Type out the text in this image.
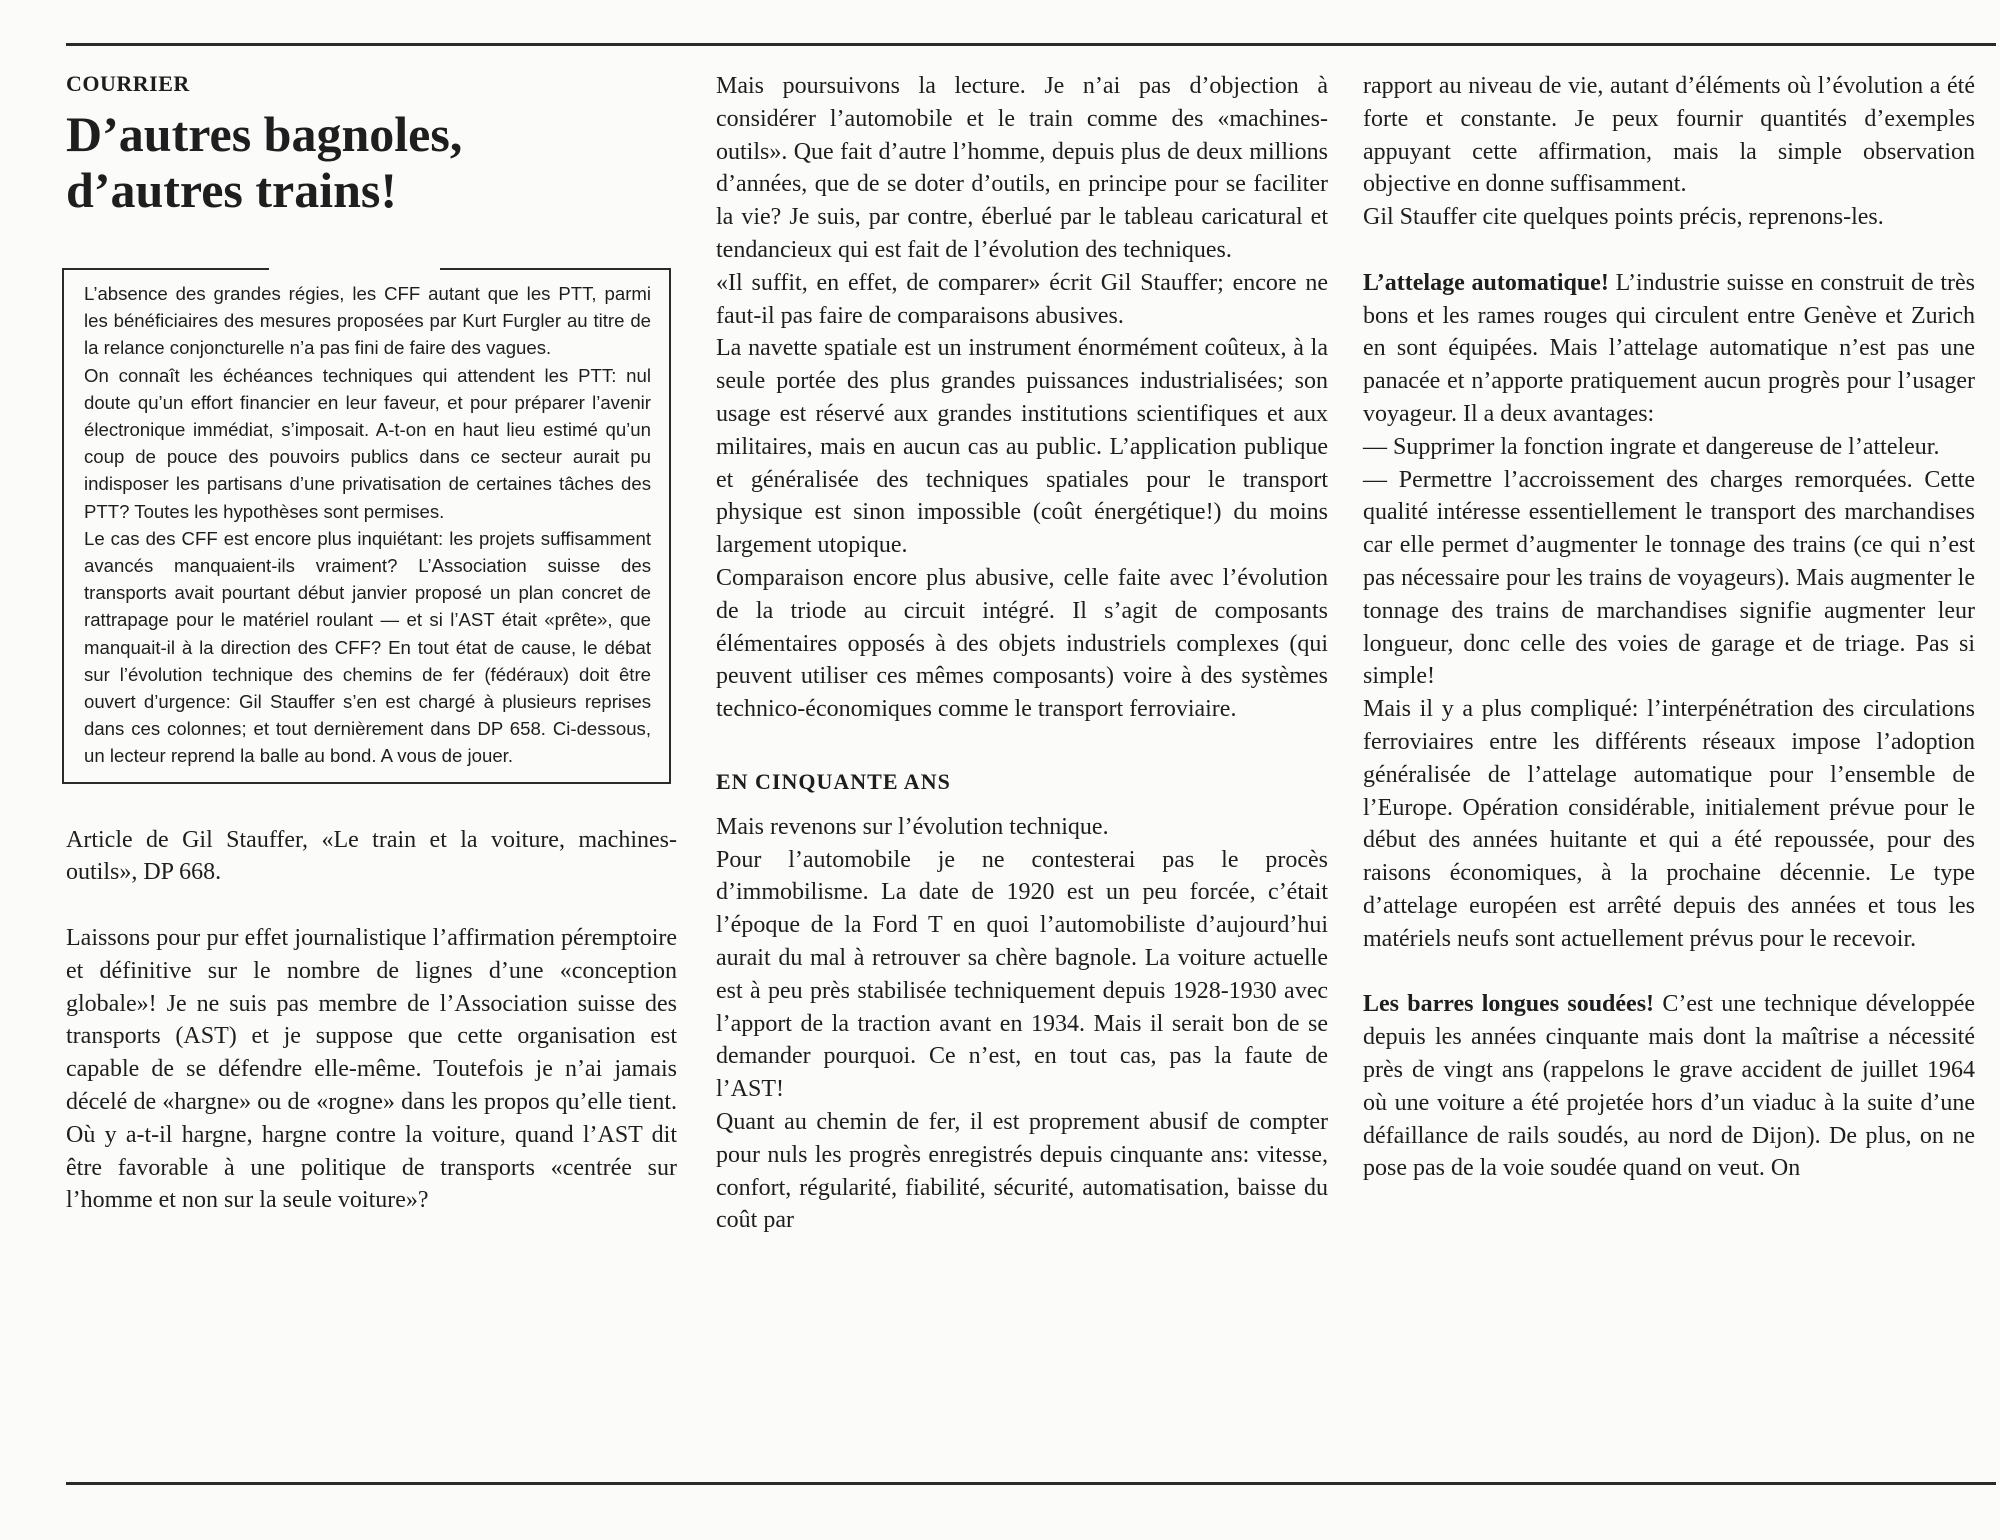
COURRIER

D’autres bagnoles,
d’autres trains!

L’absence des grandes régies, les CFF autant que les PTT, parmi les bénéficiaires des mesures proposées par Kurt Furgler au titre de la relance conjoncturelle n’a pas fini de faire des vagues.

On connaît les échéances techniques qui attendent les PTT: nul doute qu’un effort financier en leur faveur, et pour préparer l’avenir électronique immédiat, s’imposait. A-t-on en haut lieu estimé qu’un coup de pouce des pouvoirs publics dans ce secteur aurait pu indisposer les partisans d’une privatisation de certaines tâches des PTT? Toutes les hypothèses sont permises.

Le cas des CFF est encore plus inquiétant: les projets suffisamment avancés manquaient-ils vraiment? L’Association suisse des transports avait pourtant début janvier proposé un plan concret de rattrapage pour le matériel roulant — et si l’AST était «prête», que manquait-il à la direction des CFF? En tout état de cause, le débat sur l’évolution technique des chemins de fer (fédéraux) doit être ouvert d’urgence: Gil Stauffer s’en est chargé à plusieurs reprises dans ces colonnes; et tout dernièrement dans DP 658. Ci-dessous, un lecteur reprend la balle au bond. A vous de jouer.

Article de Gil Stauffer, «Le train et la voiture, machines-outils», DP 668.

Laissons pour pur effet journalistique l’affirmation péremptoire et définitive sur le nombre de lignes d’une «conception globale»! Je ne suis pas membre de l’Association suisse des transports (AST) et je suppose que cette organisation est capable de se défendre elle-même. Toutefois je n’ai jamais décelé de «hargne» ou de «rogne» dans les propos qu’elle tient. Où y a-t-il hargne, hargne contre la voiture, quand l’AST dit être favorable à une politique de transports «centrée sur l’homme et non sur la seule voiture»?

Mais poursuivons la lecture. Je n’ai pas d’objection à considérer l’automobile et le train comme des «machines-outils». Que fait d’autre l’homme, depuis plus de deux millions d’années, que de se doter d’outils, en principe pour se faciliter la vie? Je suis, par contre, éberlué par le tableau caricatural et tendancieux qui est fait de l’évolution des techniques.

«Il suffit, en effet, de comparer» écrit Gil Stauffer; encore ne faut-il pas faire de comparaisons abusives.

La navette spatiale est un instrument énormément coûteux, à la seule portée des plus grandes puissances industrialisées; son usage est réservé aux grandes institutions scientifiques et aux militaires, mais en aucun cas au public. L’application publique et généralisée des techniques spatiales pour le transport physique est sinon impossible (coût énergétique!) du moins largement utopique.

Comparaison encore plus abusive, celle faite avec l’évolution de la triode au circuit intégré. Il s’agit de composants élémentaires opposés à des objets industriels complexes (qui peuvent utiliser ces mêmes composants) voire à des systèmes technico-économiques comme le transport ferroviaire.

EN CINQUANTE ANS

Mais revenons sur l’évolution technique.

Pour l’automobile je ne contesterai pas le procès d’immobilisme. La date de 1920 est un peu forcée, c’était l’époque de la Ford T en quoi l’automobiliste d’aujourd’hui aurait du mal à retrouver sa chère bagnole. La voiture actuelle est à peu près stabilisée techniquement depuis 1928-1930 avec l’apport de la traction avant en 1934. Mais il serait bon de se demander pourquoi. Ce n’est, en tout cas, pas la faute de l’AST!

Quant au chemin de fer, il est proprement abusif de compter pour nuls les progrès enregistrés depuis cinquante ans: vitesse, confort, régularité, fiabilité, sécurité, automatisation, baisse du coût par

rapport au niveau de vie, autant d’éléments où l’évolution a été forte et constante. Je peux fournir quantités d’exemples appuyant cette affirmation, mais la simple observation objective en donne suffisamment.

Gil Stauffer cite quelques points précis, reprenons-les.

L’attelage automatique! L’industrie suisse en construit de très bons et les rames rouges qui circulent entre Genève et Zurich en sont équipées. Mais l’attelage automatique n’est pas une panacée et n’apporte pratiquement aucun progrès pour l’usager voyageur. Il a deux avantages:

— Supprimer la fonction ingrate et dangereuse de l’atteleur.

— Permettre l’accroissement des charges remorquées. Cette qualité intéresse essentiellement le transport des marchandises car elle permet d’augmenter le tonnage des trains (ce qui n’est pas nécessaire pour les trains de voyageurs). Mais augmenter le tonnage des trains de marchandises signifie augmenter leur longueur, donc celle des voies de garage et de triage. Pas si simple!

Mais il y a plus compliqué: l’interpénétration des circulations ferroviaires entre les différents réseaux impose l’adoption généralisée de l’attelage automatique pour l’ensemble de l’Europe. Opération considérable, initialement prévue pour le début des années huitante et qui a été repoussée, pour des raisons économiques, à la prochaine décennie. Le type d’attelage européen est arrêté depuis des années et tous les matériels neufs sont actuellement prévus pour le recevoir.

Les barres longues soudées! C’est une technique développée depuis les années cinquante mais dont la maîtrise a nécessité près de vingt ans (rappelons le grave accident de juillet 1964 où une voiture a été projetée hors d’un viaduc à la suite d’une défaillance de rails soudés, au nord de Dijon). De plus, on ne pose pas de la voie soudée quand on veut. On
